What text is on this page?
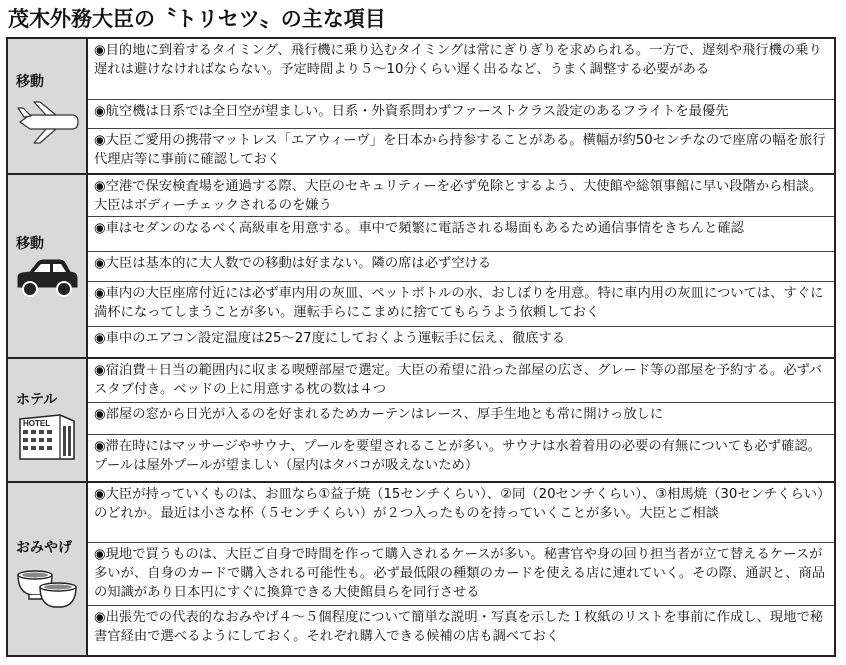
茂木外務大臣の〝トリセツ〟の主な項目
移動
◉目的地に到着するタイミング、飛行機に乗り込むタイミングは常にぎりぎりを求められる。一方で、遅刻や飛行機の乗り遅れは避けなければならない。予定時間より５～10分くらい遅く出るなど、うまく調整する必要がある
◉航空機は日系では全日空が望ましい。日系・外資系問わずファーストクラス設定のあるフライトを最優先
◉大臣ご愛用の携帯マットレス「エアウィーヴ」を日本から持参することがある。横幅が約50センチなので座席の幅を旅行代理店等に事前に確認しておく
移動
◉空港で保安検査場を通過する際、大臣のセキュリティーを必ず免除とするよう、大使館や総領事館に早い段階から相談。大臣はボディーチェックされるのを嫌う
◉車はセダンのなるべく高級車を用意する。車中で頻繁に電話される場面もあるため通信事情をきちんと確認
◉大臣は基本的に大人数での移動は好まない。隣の席は必ず空ける
◉車内の大臣座席付近には必ず車内用の灰皿、ペットボトルの水、おしぼりを用意。特に車内用の灰皿については、すぐに満杯になってしまうことが多い。運転手らにこまめに捨ててもらうよう依頼しておく
◉車中のエアコン設定温度は25～27度にしておくよう運転手に伝え、徹底する
ホテル
HOTEL
◉宿泊費＋日当の範囲内に収まる喫煙部屋で選定。大臣の希望に沿った部屋の広さ、グレード等の部屋を予約する。必ずバスタブ付き。ベッドの上に用意する枕の数は４つ
◉部屋の窓から日光が入るのを好まれるためカーテンはレース、厚手生地とも常に開けっ放しに
◉滞在時にはマッサージやサウナ、プールを要望されることが多い。サウナは水着着用の必要の有無についても必ず確認。プールは屋外プールが望ましい（屋内はタバコが吸えないため）
おみやげ
◉大臣が持っていくものは、お皿なら①益子焼（15センチくらい）、②同（20センチくらい）、③相馬焼（30センチくらい）のどれか。最近は小さな杯（５センチくらい）が２つ入ったものを持っていくことが多い。大臣とご相談
◉現地で買うものは、大臣ご自身で時間を作って購入されるケースが多い。秘書官や身の回り担当者が立て替えるケースが多いが、自身のカードで購入される可能性も。必ず最低限の種類のカードを使える店に連れていく。その際、通訳と、商品の知識があり日本円にすぐに換算できる大使館員らを同行させる
◉出張先での代表的なおみやげ４～５個程度について簡単な説明・写真を示した１枚紙のリストを事前に作成し、現地で秘書官経由で選べるようにしておく。それぞれ購入できる候補の店も調べておく
